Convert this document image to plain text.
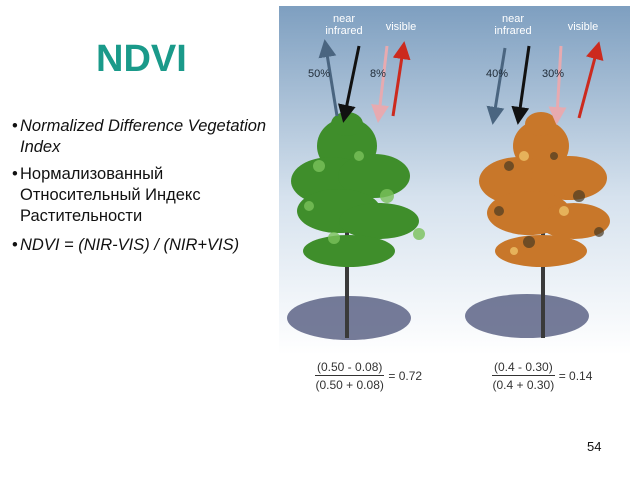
NDVI
• Normalized Difference Vegetation Index
• Нормализованный Относительный Индекс Растительности
• NDVI = (NIR-VIS) / (NIR+VIS)
near
infrared visible
near
infrared	visible
50%	8%	40%	30%
$\frac{(0.50 - 0.08)}{(0.50 + 0.08)} = 0.72$	$\frac{(0.4 - 0.30)}{(0.4 + 0.30)} = 0.14$
54
